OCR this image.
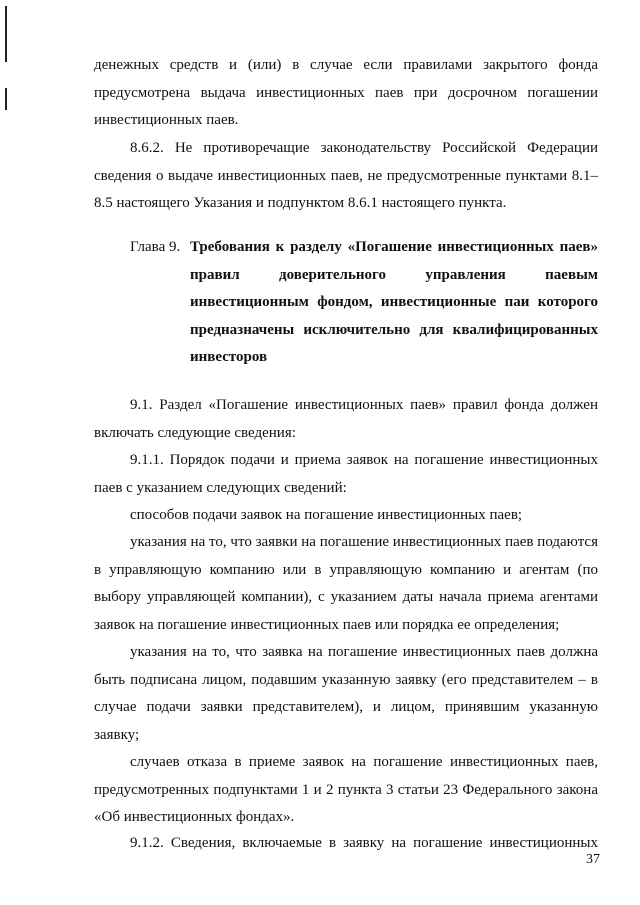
денежных средств и (или) в случае если правилами закрытого фонда предусмотрена выдача инвестиционных паев при досрочном погашении инвестиционных паев.

8.6.2. Не противоречащие законодательству Российской Федерации сведения о выдаче инвестиционных паев, не предусмотренные пунктами 8.1–8.5 настоящего Указания и подпунктом 8.6.1 настоящего пункта.

Глава 9. Требования к разделу «Погашение инвестиционных паев» правил доверительного управления паевым инвестиционным фондом, инвестиционные паи которого предназначены исключительно для квалифицированных инвесторов

9.1. Раздел «Погашение инвестиционных паев» правил фонда должен включать следующие сведения:

9.1.1. Порядок подачи и приема заявок на погашение инвестиционных паев с указанием следующих сведений:

способов подачи заявок на погашение инвестиционных паев;

указания на то, что заявки на погашение инвестиционных паев подаются в управляющую компанию или в управляющую компанию и агентам (по выбору управляющей компании), с указанием даты начала приема агентами заявок на погашение инвестиционных паев или порядка ее определения;

указания на то, что заявка на погашение инвестиционных паев должна быть подписана лицом, подавшим указанную заявку (его представителем – в случае подачи заявки представителем), и лицом, принявшим указанную заявку;

случаев отказа в приеме заявок на погашение инвестиционных паев, предусмотренных подпунктами 1 и 2 пункта 3 статьи 23 Федерального закона «Об инвестиционных фондах».

9.1.2. Сведения, включаемые в заявку на погашение инвестиционных

37
